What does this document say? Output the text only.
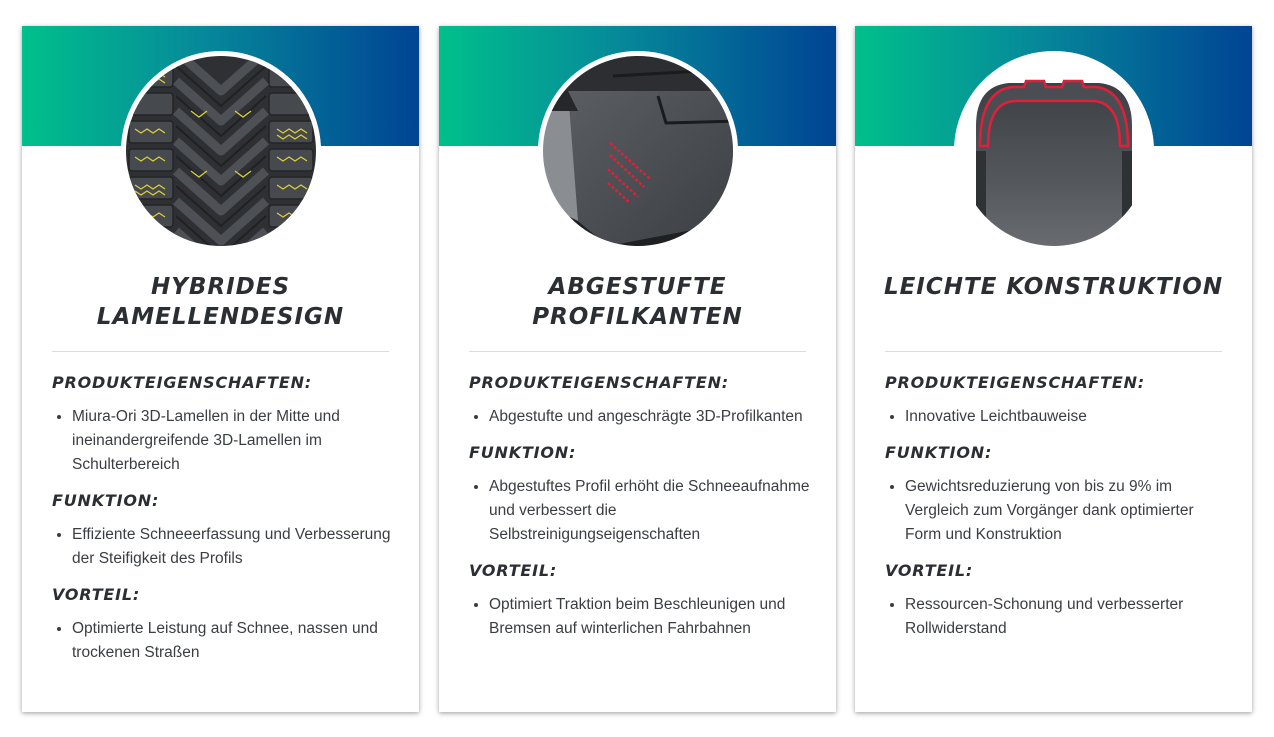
HYBRIDES
LAMELLENDESIGN
PRODUKTEIGENSCHAFTEN:
• Miura-Ori 3D-Lamellen in der Mitte und ineinandergreifende 3D-Lamellen im Schulterbereich
FUNKTION:
• Effiziente Schneeerfassung und Verbesserung der Steifigkeit des Profils
VORTEIL:
• Optimierte Leistung auf Schnee, nassen und trockenen Straßen
ABGESTUFTE
PROFILKANTEN
PRODUKTEIGENSCHAFTEN:
• Abgestufte und angeschrägte 3D-Profilkanten
FUNKTION:
• Abgestuftes Profil erhöht die Schneeaufnahme und verbessert die Selbstreinigungseigenschaften
VORTEIL:
• Optimiert Traktion beim Beschleunigen und Bremsen auf winterlichen Fahrbahnen
LEICHTE KONSTRUKTION
PRODUKTEIGENSCHAFTEN:
• Innovative Leichtbauweise
FUNKTION:
• Gewichtsreduzierung von bis zu 9% im Vergleich zum Vorgänger dank optimierter Form und Konstruktion
VORTEIL:
• Ressourcen-Schonung und verbesserter Rollwiderstand
